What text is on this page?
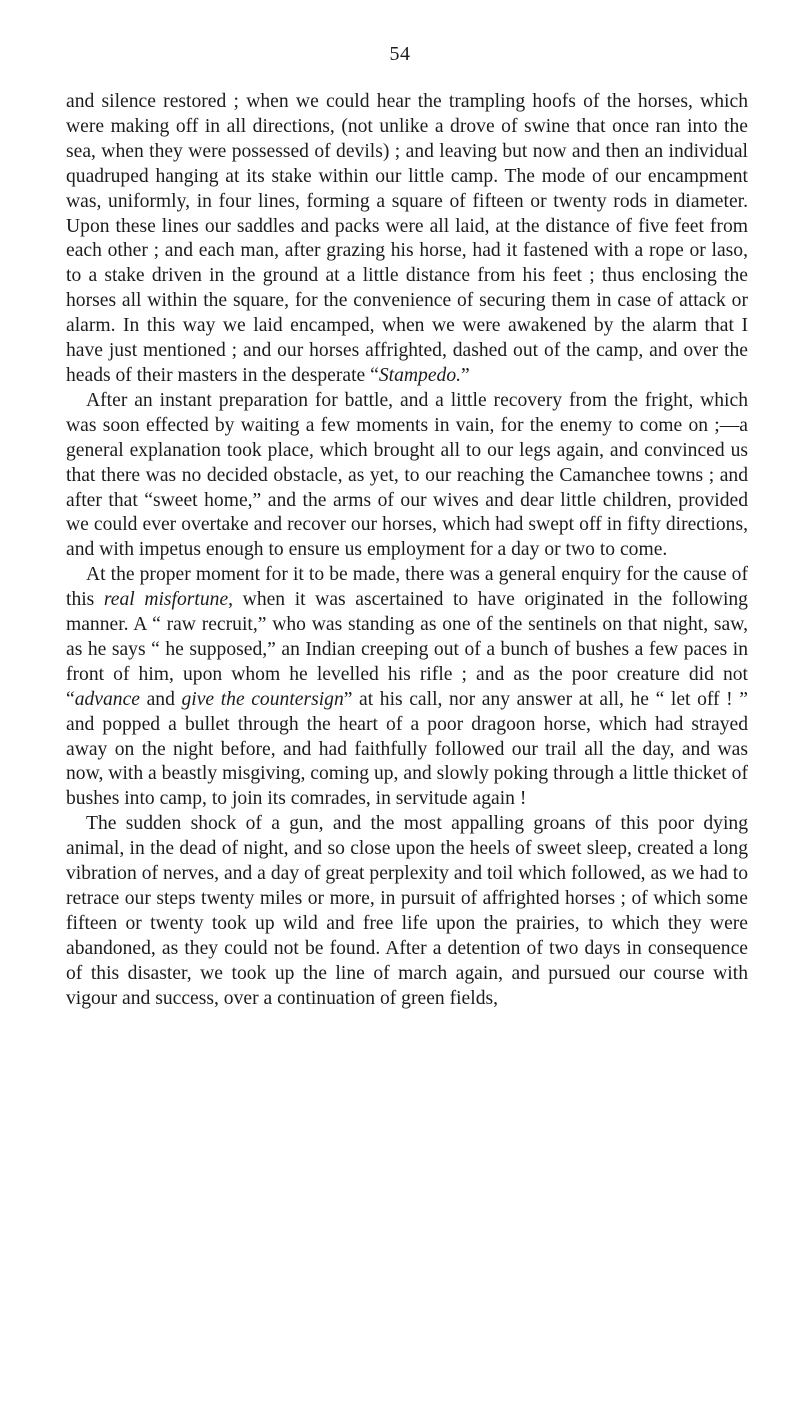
54

and silence restored ; when we could hear the trampling hoofs of the horses, which were making off in all directions, (not unlike a drove of swine that once ran into the sea, when they were possessed of devils) ; and leaving but now and then an individual quadruped hanging at its stake within our little camp. The mode of our encampment was, uniformly, in four lines, forming a square of fifteen or twenty rods in diameter. Upon these lines our saddles and packs were all laid, at the distance of five feet from each other ; and each man, after grazing his horse, had it fastened with a rope or laso, to a stake driven in the ground at a little distance from his feet ; thus enclosing the horses all within the square, for the convenience of securing them in case of attack or alarm. In this way we laid encamped, when we were awakened by the alarm that I have just mentioned ; and our horses affrighted, dashed out of the camp, and over the heads of their masters in the desperate “Stampedo.”

After an instant preparation for battle, and a little recovery from the fright, which was soon effected by waiting a few moments in vain, for the enemy to come on ;—a general explanation took place, which brought all to our legs again, and convinced us that there was no decided obstacle, as yet, to our reaching the Camanchee towns ; and after that “sweet home,” and the arms of our wives and dear little children, provided we could ever overtake and recover our horses, which had swept off in fifty directions, and with impetus enough to ensure us employment for a day or two to come.

At the proper moment for it to be made, there was a general enquiry for the cause of this real misfortune, when it was ascertained to have originated in the following manner. A “ raw recruit,” who was standing as one of the sentinels on that night, saw, as he says “ he supposed,” an Indian creeping out of a bunch of bushes a few paces in front of him, upon whom he levelled his rifle ; and as the poor creature did not “advance and give the countersign” at his call, nor any answer at all, he “ let off ! ” and popped a bullet through the heart of a poor dragoon horse, which had strayed away on the night before, and had faithfully followed our trail all the day, and was now, with a beastly misgiving, coming up, and slowly poking through a little thicket of bushes into camp, to join its comrades, in servitude again !

The sudden shock of a gun, and the most appalling groans of this poor dying animal, in the dead of night, and so close upon the heels of sweet sleep, created a long vibration of nerves, and a day of great perplexity and toil which followed, as we had to retrace our steps twenty miles or more, in pursuit of affrighted horses ; of which some fifteen or twenty took up wild and free life upon the prairies, to which they were abandoned, as they could not be found. After a detention of two days in consequence of this disaster, we took up the line of march again, and pursued our course with vigour and success, over a continuation of green fields,
